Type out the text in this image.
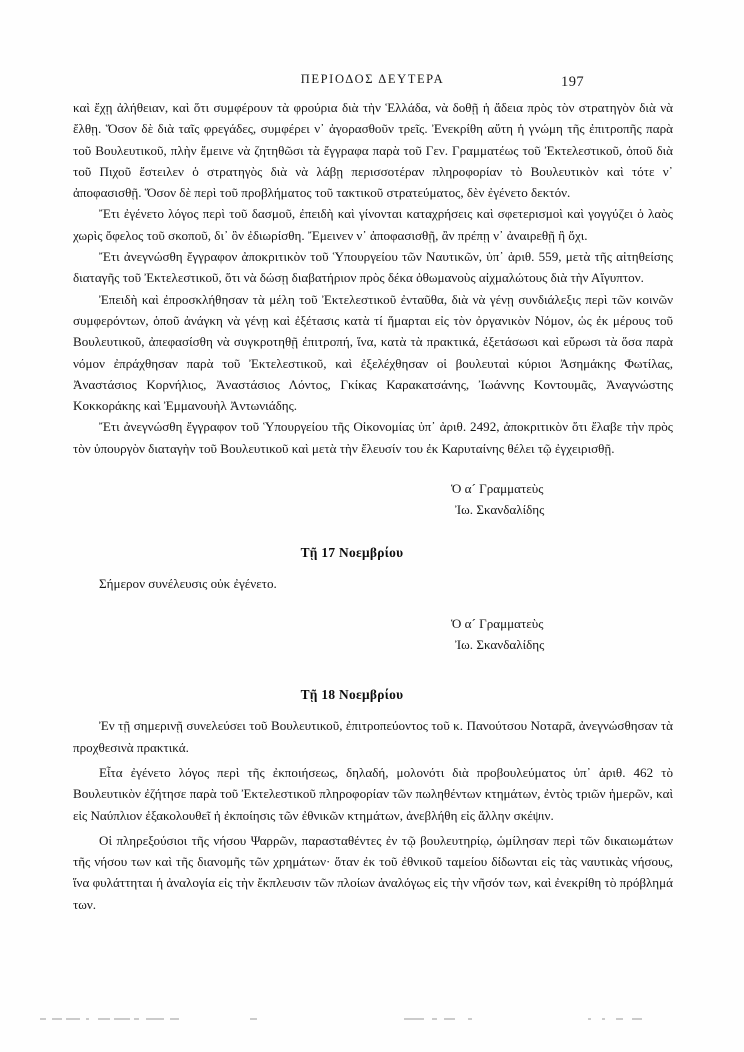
ΠΕΡΙΟΔΟΣ ΔΕΥΤΕΡΑ	197

καὶ ἔχῃ ἀλήθειαν, καὶ ὅτι συμφέρουν τὰ φρούρια διὰ τὴν Ἑλλάδα, νὰ δοθῇ ἡ ἄδεια πρὸς τὸν στρατηγὸν διὰ νὰ ἔλθῃ. Ὅσον δὲ διὰ ταῖς φρεγάδες, συμφέρει ν᾽ ἀγορασθοῦν τρεῖς. Ἐνεκρίθη αὕτη ἡ γνώμη τῆς ἐπιτροπῆς παρὰ τοῦ Βουλευτικοῦ, πλὴν ἔμεινε νὰ ζητηθῶσι τὰ ἔγγραφα παρὰ τοῦ Γεν. Γραμματέως τοῦ Ἐκτελεστικοῦ, ὁποῦ διὰ τοῦ Πιχοῦ ἔστειλεν ὁ στρατηγὸς διὰ νὰ λάβῃ περισσοτέραν πληροφορίαν τὸ Βουλευτικὸν καὶ τότε ν᾽ ἀποφασισθῇ. Ὅσον δὲ περὶ τοῦ προβλήματος τοῦ τακτικοῦ στρατεύματος, δὲν ἐγένετο δεκτόν.

Ἔτι ἐγένετο λόγος περὶ τοῦ δασμοῦ, ἐπειδὴ καὶ γίνονται καταχρήσεις καὶ σφετερισμοὶ καὶ γογγύζει ὁ λαὸς χωρὶς ὄφελος τοῦ σκοποῦ, δι᾽ ὃν ἐδιωρίσθη. Ἔμεινεν ν᾽ ἀποφασισθῇ, ἂν πρέπῃ ν᾽ ἀναιρεθῇ ἢ ὄχι.

Ἔτι ἀνεγνώσθη ἔγγραφον ἀποκριτικὸν τοῦ Ὑπουργείου τῶν Ναυτικῶν, ὑπ᾽ ἀριθ. 559, μετὰ τῆς αἰτηθείσης διαταγῆς τοῦ Ἐκτελεστικοῦ, ὅτι νὰ δώσῃ διαβατήριον πρὸς δέκα ὀθωμανοὺς αἰχμαλώτους διὰ τὴν Αἴγυπτον.

Ἐπειδὴ καὶ ἐπροσκλήθησαν τὰ μέλη τοῦ Ἐκτελεστικοῦ ἐνταῦθα, διὰ νὰ γένῃ συνδιάλεξις περὶ τῶν κοινῶν συμφερόντων, ὁποῦ ἀνάγκη νὰ γένῃ καὶ ἐξέτασις κατὰ τί ἥμαρται εἰς τὸν ὀργανικὸν Νόμον, ὡς ἐκ μέρους τοῦ Βουλευτικοῦ, ἀπεφασίσθη νὰ συγκροτηθῇ ἐπιτροπή, ἵνα, κατὰ τὰ πρακτικά, ἐξετάσωσι καὶ εὕρωσι τὰ ὅσα παρὰ νόμον ἐπράχθησαν παρὰ τοῦ Ἐκτελεστικοῦ, καὶ ἐξελέχθησαν οἱ βουλευταὶ κύριοι Ἀσημάκης Φωτίλας, Ἀναστάσιος Κορνήλιος, Ἀναστάσιος Λόντος, Γκίκας Καρακατσάνης, Ἰωάννης Κοντουμᾶς, Ἀναγνώστης Κοκκοράκης καὶ Ἐμμανουὴλ Ἀντωνιάδης.

Ἔτι ἀνεγνώσθη ἔγγραφον τοῦ Ὑπουργείου τῆς Οἰκονομίας ὑπ᾽ ἀριθ. 2492, ἀποκριτικὸν ὅτι ἔλαβε τὴν πρὸς τὸν ὑπουργὸν διαταγὴν τοῦ Βουλευτικοῦ καὶ μετὰ τὴν ἔλευσίν του ἐκ Καρυταίνης θέλει τῷ ἐγχειρισθῇ.

Ὁ α´ Γραμματεὺς
Ἰω. Σκανδαλίδης
Τῇ 17 Νοεμβρίου

Σήμερον συνέλευσις οὐκ ἐγένετο.

Ὁ α´ Γραμματεὺς
Ἰω. Σκανδαλίδης
Τῇ 18 Νοεμβρίου

Ἐν τῇ σημερινῇ συνελεύσει τοῦ Βουλευτικοῦ, ἐπιτροπεύοντος τοῦ κ. Πανούτσου Νοταρᾶ, ἀνεγνώσθησαν τὰ προχθεσινὰ πρακτικά.

Εἶτα ἐγένετο λόγος περὶ τῆς ἐκποιήσεως, δηλαδή, μολονότι διὰ προβουλεύματος ὑπ᾽ ἀριθ. 462 τὸ Βουλευτικὸν ἐζήτησε παρὰ τοῦ Ἐκτελεστικοῦ πληροφορίαν τῶν πωληθέντων κτημάτων, ἐντὸς τριῶν ἡμερῶν, καὶ εἰς Ναύπλιον ἐξακολουθεῖ ἡ ἐκποίησις τῶν ἐθνικῶν κτημάτων, ἀνεβλήθη εἰς ἄλλην σκέψιν.

Οἱ πληρεξούσιοι τῆς νήσου Ψαρρῶν, παρασταθέντες ἐν τῷ βουλευτηρίῳ, ὡμίλησαν περὶ τῶν δικαιωμάτων τῆς νήσου των καὶ τῆς διανομῆς τῶν χρημάτων· ὅταν ἐκ τοῦ ἐθνικοῦ ταμείου δίδωνται εἰς τὰς ναυτικὰς νήσους, ἵνα φυλάττηται ἡ ἀναλογία εἰς τὴν ἔκπλευσιν τῶν πλοίων ἀναλόγως εἰς τὴν νῆσόν των, καὶ ἐνεκρίθη τὸ πρόβλημά των.
